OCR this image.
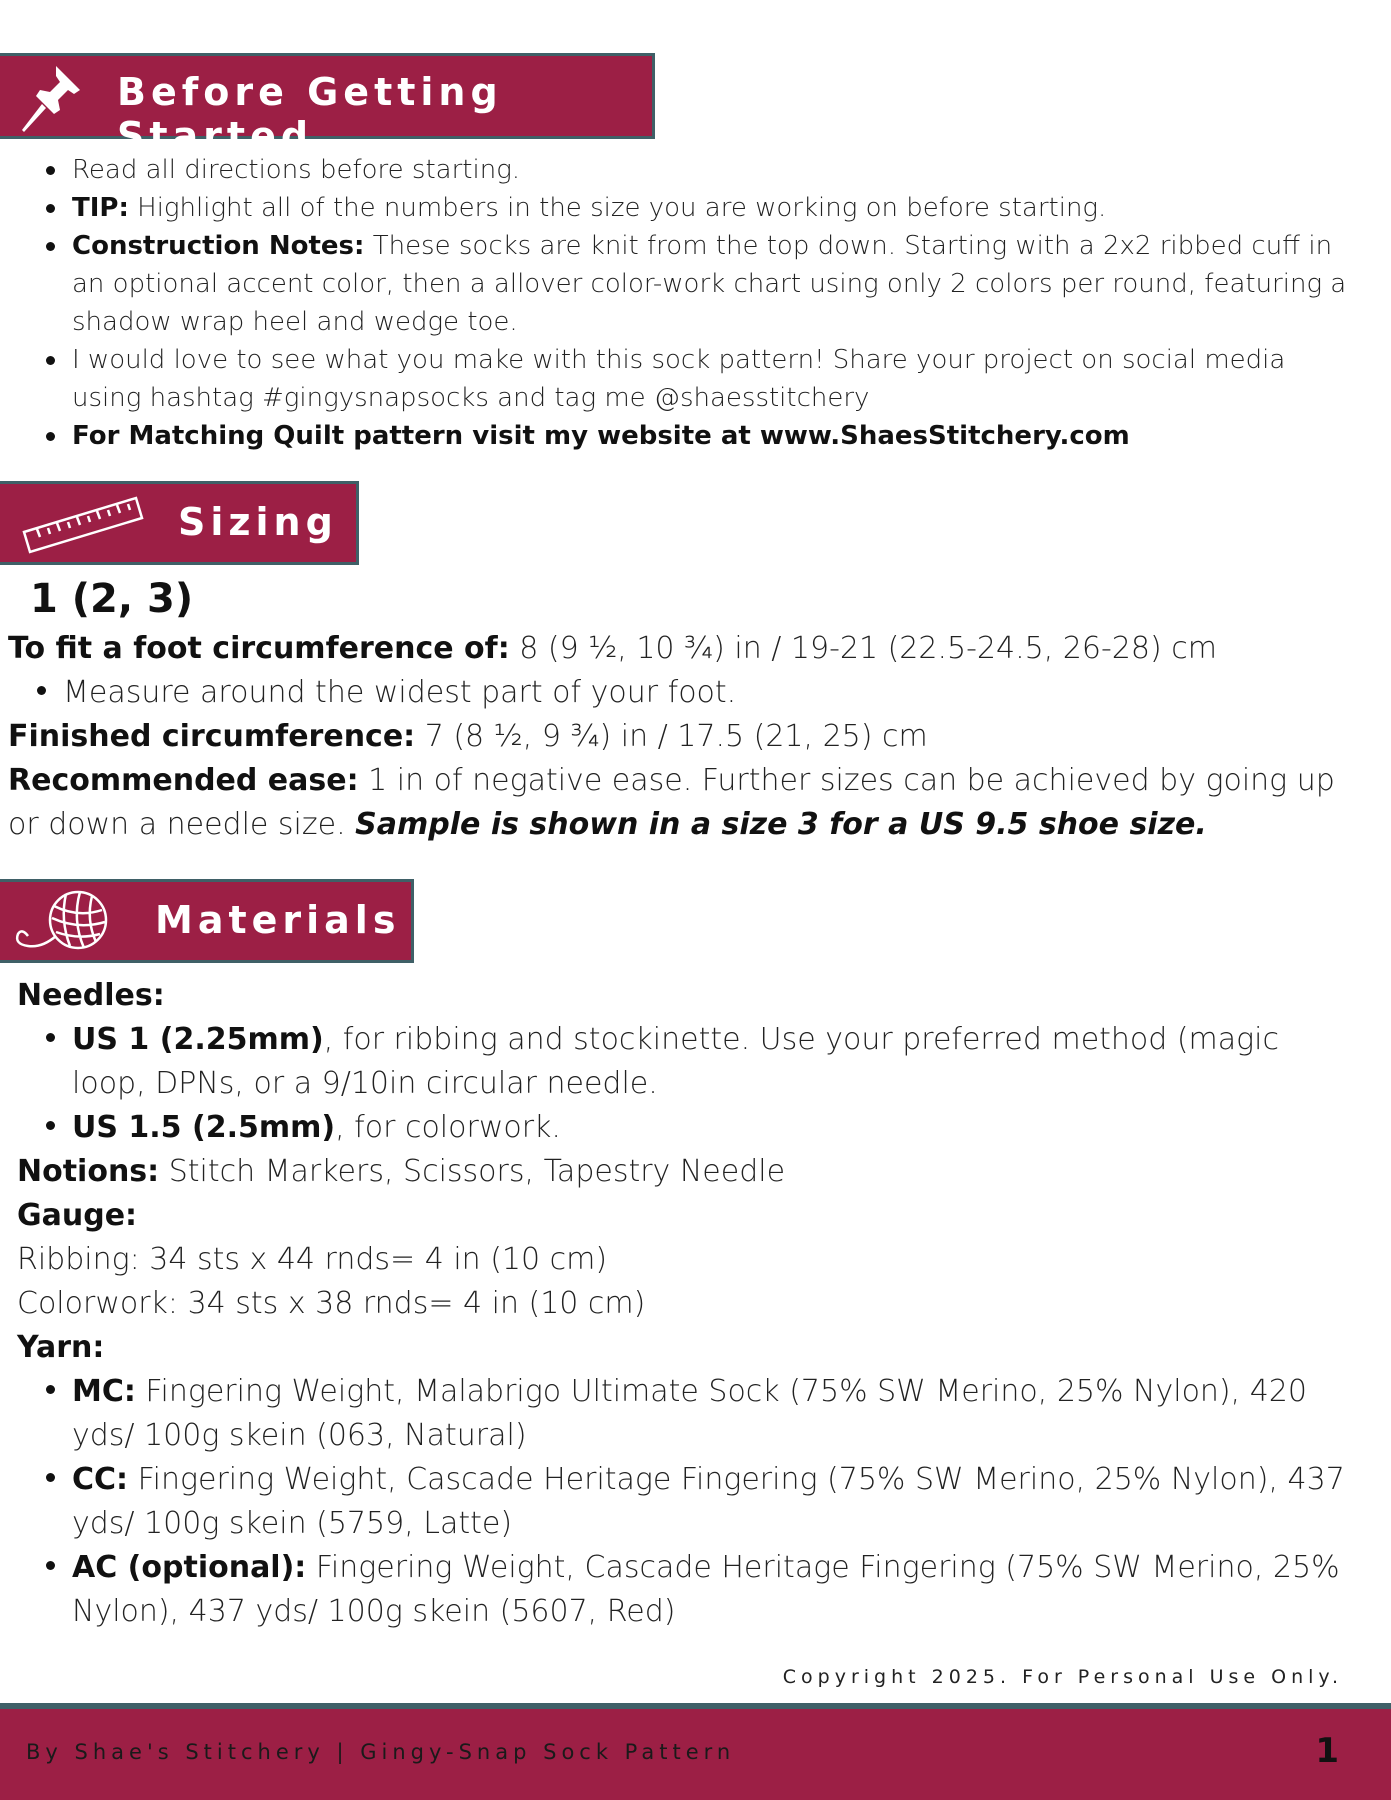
Before Getting Started
Read all directions before starting.
TIP: Highlight all of the numbers in the size you are working on before starting.
Construction Notes: These socks are knit from the top down. Starting with a 2x2 ribbed cuff in an optional accent color, then a allover color-work chart using only 2 colors per round, featuring a shadow wrap heel and wedge toe.
I would love to see what you make with this sock pattern! Share your project on social media using hashtag #gingysnapsocks and tag me @shaesstitchery
For Matching Quilt pattern visit my website at www.ShaesStitchery.com
Sizing
1 (2, 3)
To fit a foot circumference of: 8 (9 ½, 10 ¾) in / 19-21 (22.5-24.5, 26-28) cm
Measure around the widest part of your foot.
Finished circumference: 7 (8 ½, 9 ¾) in / 17.5 (21, 25) cm
Recommended ease: 1 in of negative ease. Further sizes can be achieved by going up or down a needle size. Sample is shown in a size 3 for a US 9.5 shoe size.
Materials
Needles:
US 1 (2.25mm), for ribbing and stockinette. Use your preferred method (magic loop, DPNs, or a 9/10in circular needle.
US 1.5 (2.5mm), for colorwork.
Notions: Stitch Markers, Scissors, Tapestry Needle
Gauge:
Ribbing: 34 sts x 44 rnds= 4 in (10 cm)
Colorwork: 34 sts x 38 rnds= 4 in (10 cm)
Yarn:
MC: Fingering Weight, Malabrigo Ultimate Sock (75% SW Merino, 25% Nylon), 420 yds/ 100g skein (063, Natural)
CC: Fingering Weight, Cascade Heritage Fingering (75% SW Merino, 25% Nylon), 437 yds/ 100g skein (5759, Latte)
AC (optional): Fingering Weight, Cascade Heritage Fingering (75% SW Merino, 25% Nylon), 437 yds/ 100g skein (5607, Red)
Copyright 2025. For Personal Use Only.
By Shae's Stitchery | Gingy-Snap Sock Pattern	1
